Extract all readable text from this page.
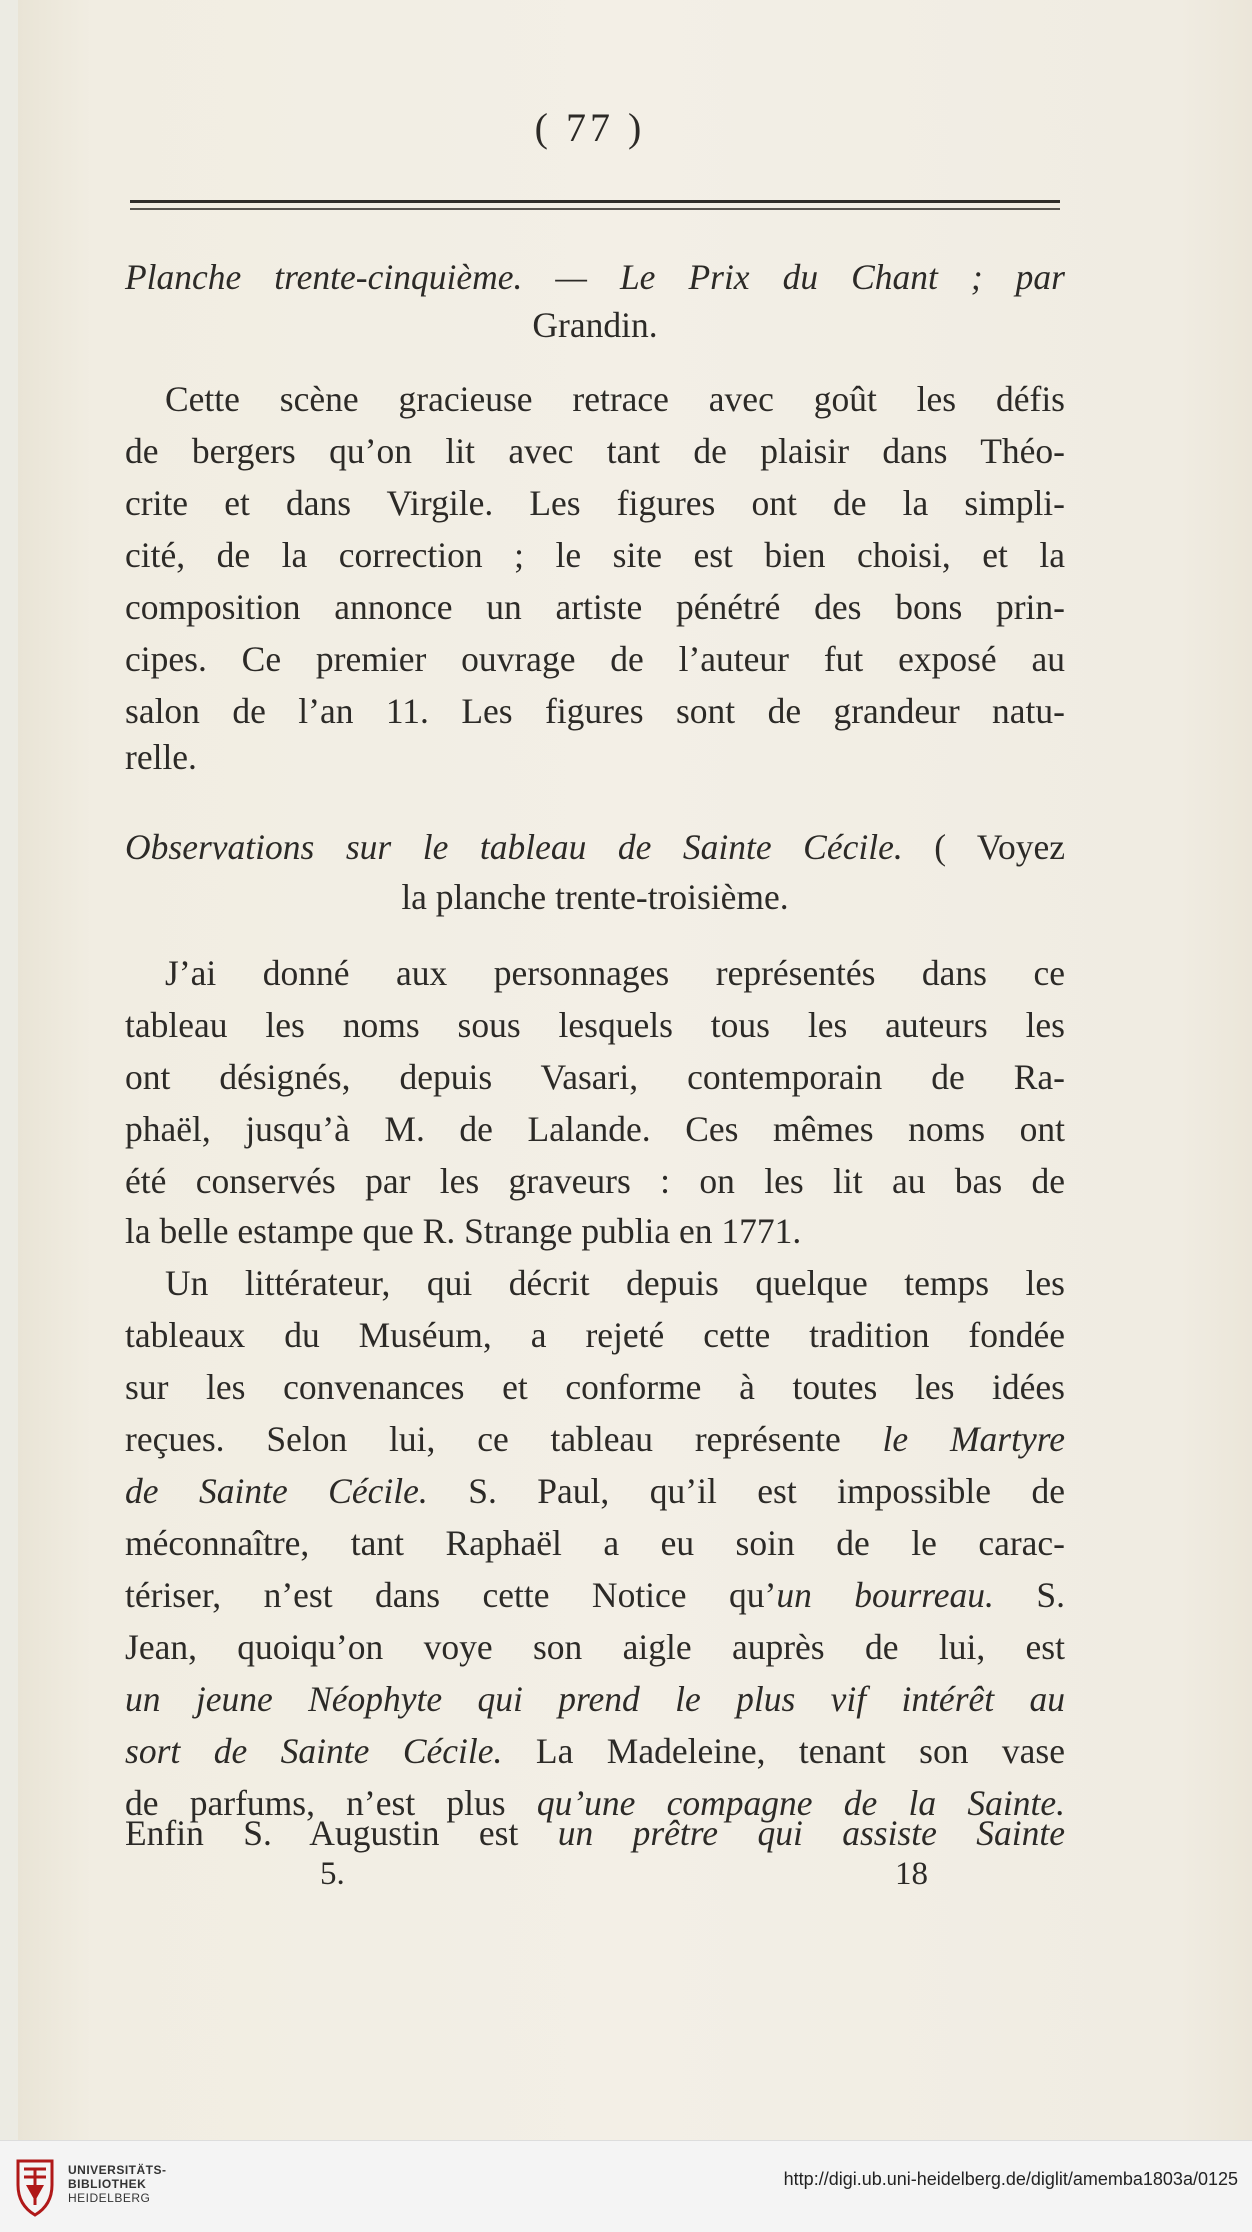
( 77 )
Planche trente-cinquième. — Le Prix du Chant ; par
Grandin.
Cette scène gracieuse retrace avec goût les défis
de bergers qu’on lit avec tant de plaisir dans Théo-
crite et dans Virgile. Les figures ont de la simpli-
cité, de la correction ; le site est bien choisi, et la
composition annonce un artiste pénétré des bons prin-
cipes. Ce premier ouvrage de l’auteur fut exposé au
salon de l’an 11. Les figures sont de grandeur natu-
relle.
Observations sur le tableau de Sainte Cécile. ( Voyez
la planche trente-troisième.
J’ai donné aux personnages représentés dans ce
tableau les noms sous lesquels tous les auteurs les
ont désignés, depuis Vasari, contemporain de Ra-
phaël, jusqu’à M. de Lalande. Ces mêmes noms ont
été conservés par les graveurs : on les lit au bas de
la belle estampe que R. Strange publia en 1771.
Un littérateur, qui décrit depuis quelque temps les
tableaux du Muséum, a rejeté cette tradition fondée
sur les convenances et conforme à toutes les idées
reçues. Selon lui, ce tableau représente le Martyre
de Sainte Cécile. S. Paul, qu’il est impossible de
méconnaître, tant Raphaël a eu soin de le carac-
tériser, n’est dans cette Notice qu’un bourreau. S.
Jean, quoiqu’on voye son aigle auprès de lui, est
un jeune Néophyte qui prend le plus vif intérêt au
sort de Sainte Cécile. La Madeleine, tenant son vase
de parfums, n’est plus qu’une compagne de la Sainte.
Enfin S. Augustin est un prêtre qui assiste Sainte
5.	18
UNIVERSITÄTS-
BIBLIOTHEK
HEIDELBERG
http://digi.ub.uni-heidelberg.de/diglit/amemba1803a/0125
